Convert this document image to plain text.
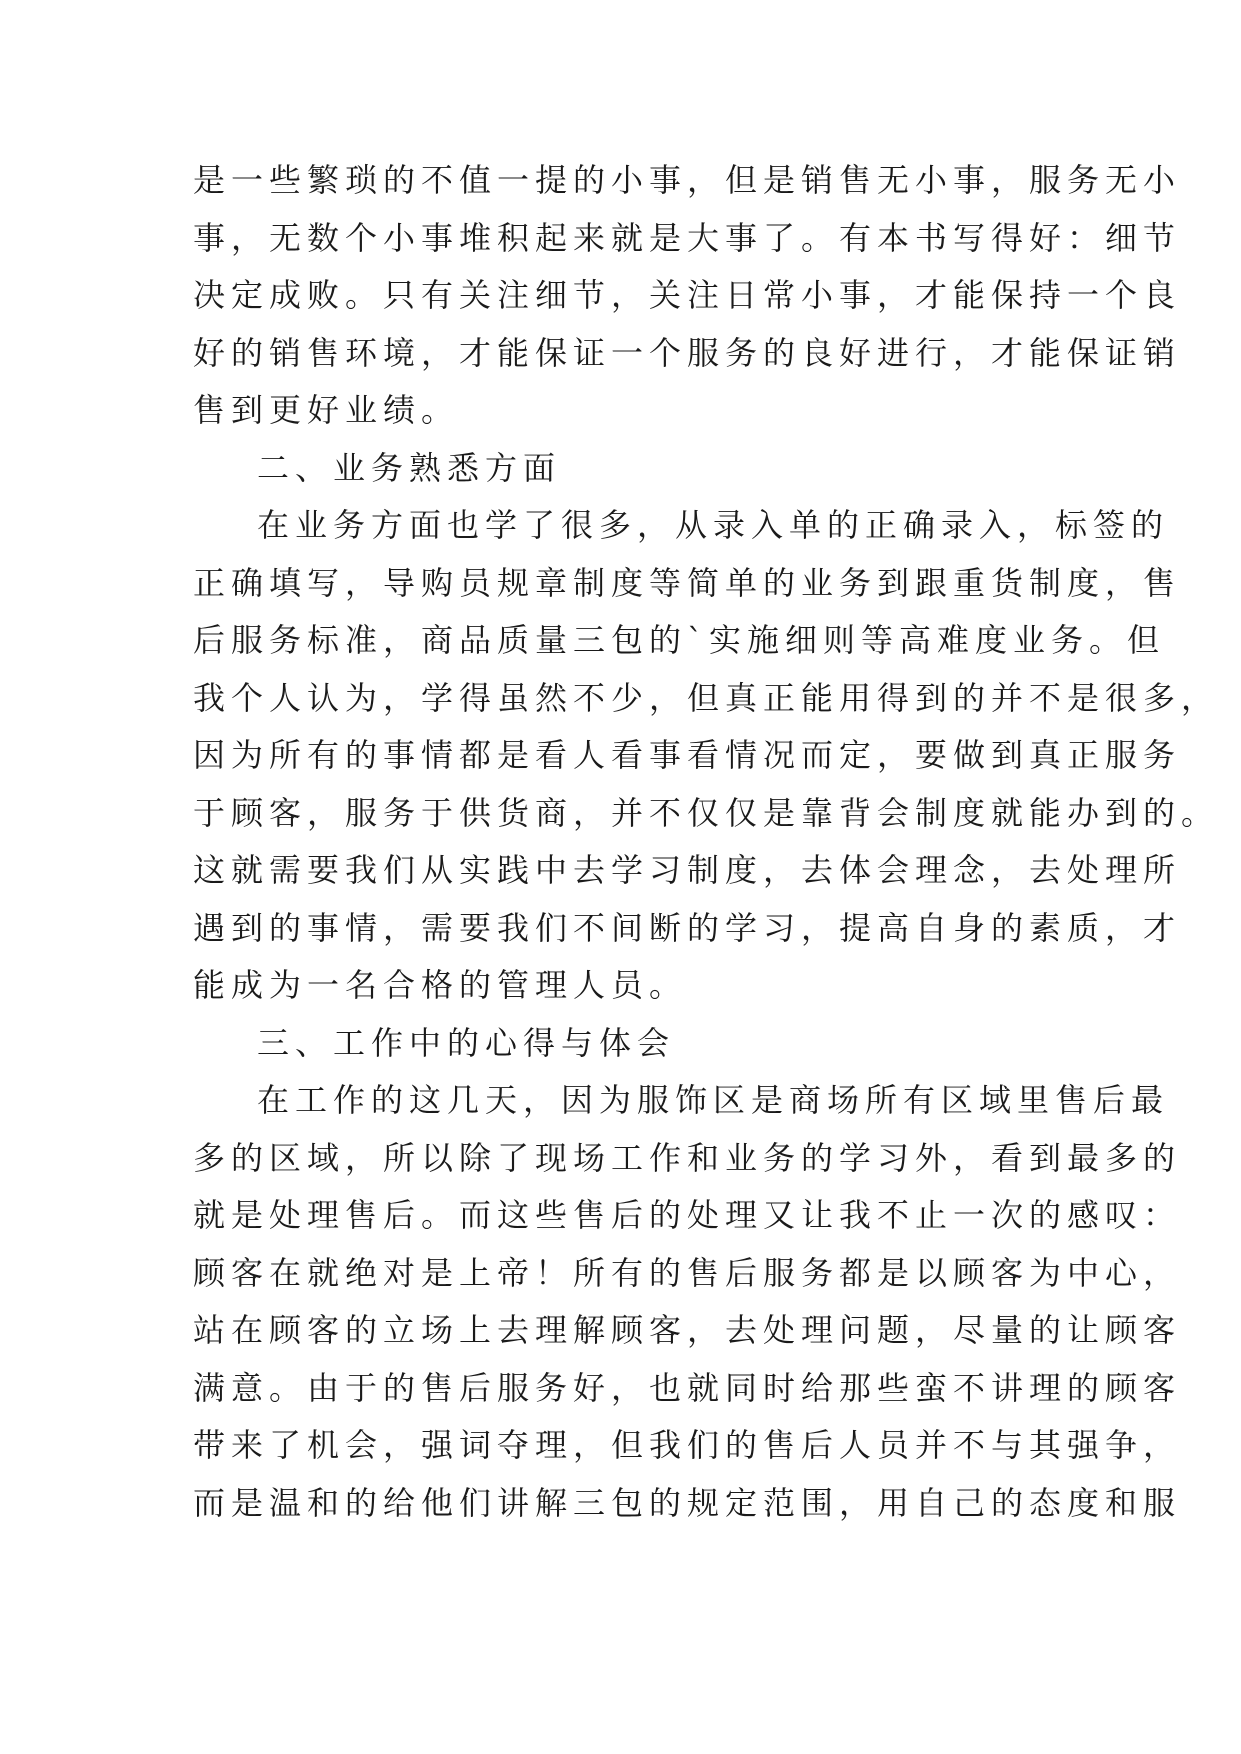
是一些繁琐的不值一提的小事，但是销售无小事，服务无小
事，无数个小事堆积起来就是大事了。有本书写得好：细节
决定成败。只有关注细节，关注日常小事，才能保持一个良
好的销售环境，才能保证一个服务的良好进行，才能保证销
售到更好业绩。
二、业务熟悉方面
在业务方面也学了很多，从录入单的正确录入，标签的
正确填写，导购员规章制度等简单的业务到跟重货制度，售
后服务标准，商品质量三包的`实施细则等高难度业务。但
我个人认为，学得虽然不少，但真正能用得到的并不是很多，
因为所有的事情都是看人看事看情况而定，要做到真正服务
于顾客，服务于供货商，并不仅仅是靠背会制度就能办到的。
这就需要我们从实践中去学习制度，去体会理念，去处理所
遇到的事情，需要我们不间断的学习，提高自身的素质，才
能成为一名合格的管理人员。
三、工作中的心得与体会
在工作的这几天，因为服饰区是商场所有区域里售后最
多的区域，所以除了现场工作和业务的学习外，看到最多的
就是处理售后。而这些售后的处理又让我不止一次的感叹：
顾客在就绝对是上帝！所有的售后服务都是以顾客为中心，
站在顾客的立场上去理解顾客，去处理问题，尽量的让顾客
满意。由于的售后服务好，也就同时给那些蛮不讲理的顾客
带来了机会，强词夺理，但我们的售后人员并不与其强争，
而是温和的给他们讲解三包的规定范围，用自己的态度和服
